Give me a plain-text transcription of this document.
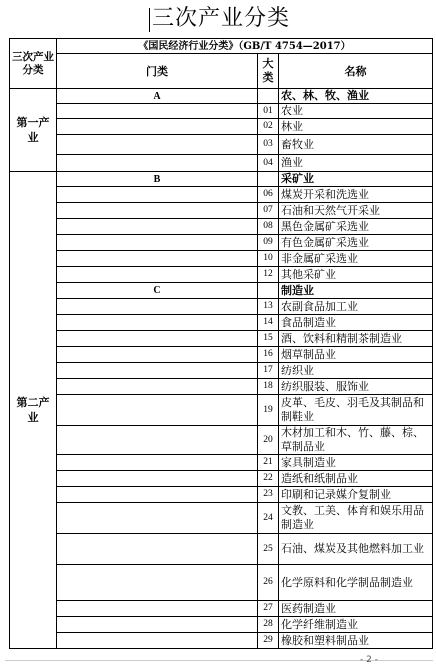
三次产业分类
三次产业分类	《国民经济行业分类》（GB/T 4754—2017）		
	门类	大类	名称
第一产业	A		农、林、牧、渔业
		01	农业
		02	林业
		03	畜牧业
		04	渔业
第二产业	B		采矿业
		06	煤炭开采和洗选业
		07	石油和天然气开采业
		08	黑色金属矿采选业
		09	有色金属矿采选业
		10	非金属矿采选业
		12	其他采矿业
	C		制造业
		13	农副食品加工业
		14	食品制造业
		15	酒、饮料和精制茶制造业
		16	烟草制品业
		17	纺织业
		18	纺织服装、服饰业
		19	皮革、毛皮、羽毛及其制品和制鞋业
		20	木材加工和木、竹、藤、棕、草制品业
		21	家具制造业
		22	造纸和纸制品业
		23	印刷和记录媒介复制业
		24	文教、工美、体育和娱乐用品制造业
		25	石油、煤炭及其他燃料加工业
		26	化学原料和化学制品制造业
		27	医药制造业
		28	化学纤维制造业
		29	橡胶和塑料制品业
- 2 -
